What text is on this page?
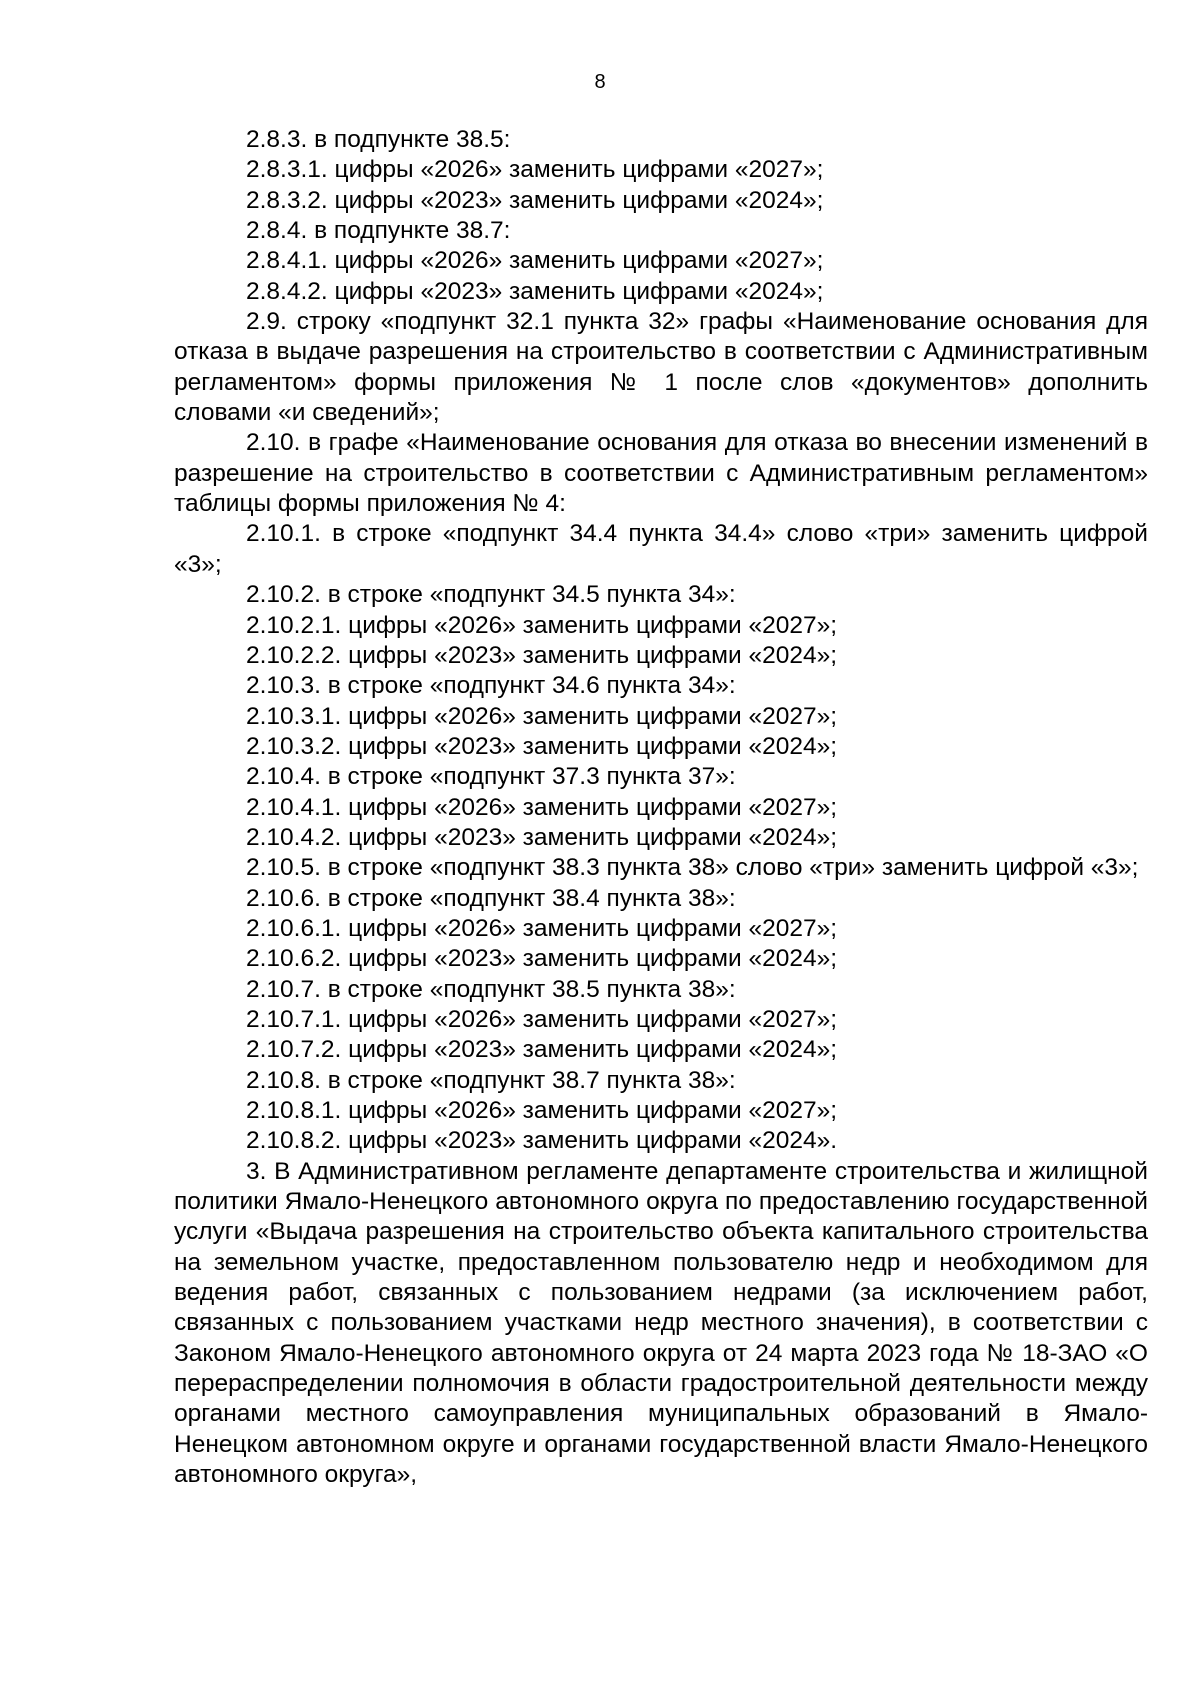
8

2.8.3. в подпункте 38.5:

2.8.3.1. цифры «2026» заменить цифрами «2027»;

2.8.3.2. цифры «2023» заменить цифрами «2024»;

2.8.4. в подпункте 38.7:

2.8.4.1. цифры «2026» заменить цифрами «2027»;

2.8.4.2. цифры «2023» заменить цифрами «2024»;

2.9. строку «подпункт 32.1 пункта 32» графы «Наименование основания для отказа в выдаче разрешения на строительство в соответствии с Административным регламентом» формы приложения № 1 после слов «документов» дополнить словами «и сведений»;

2.10. в графе «Наименование основания для отказа во внесении изменений в разрешение на строительство в соответствии с Административным регламентом» таблицы формы приложения № 4:

2.10.1. в строке «подпункт 34.4 пункта 34.4» слово «три» заменить цифрой «3»;

2.10.2. в строке «подпункт 34.5 пункта 34»:

2.10.2.1. цифры «2026» заменить цифрами «2027»;

2.10.2.2. цифры «2023» заменить цифрами «2024»;

2.10.3. в строке «подпункт 34.6 пункта 34»:

2.10.3.1. цифры «2026» заменить цифрами «2027»;

2.10.3.2. цифры «2023» заменить цифрами «2024»;

2.10.4. в строке «подпункт 37.3 пункта 37»:

2.10.4.1. цифры «2026» заменить цифрами «2027»;

2.10.4.2. цифры «2023» заменить цифрами «2024»;

2.10.5. в строке «подпункт 38.3 пункта 38» слово «три» заменить цифрой «3»;

2.10.6. в строке «подпункт 38.4 пункта 38»:

2.10.6.1. цифры «2026» заменить цифрами «2027»;

2.10.6.2. цифры «2023» заменить цифрами «2024»;

2.10.7. в строке «подпункт 38.5 пункта 38»:

2.10.7.1. цифры «2026» заменить цифрами «2027»;

2.10.7.2. цифры «2023» заменить цифрами «2024»;

2.10.8. в строке «подпункт 38.7 пункта 38»:

2.10.8.1. цифры «2026» заменить цифрами «2027»;

2.10.8.2. цифры «2023» заменить цифрами «2024».

3. В Административном регламенте департаменте строительства и жилищной политики Ямало-Ненецкого автономного округа по предоставлению государственной услуги «Выдача разрешения на строительство объекта капитального строительства на земельном участке, предоставленном пользователю недр и необходимом для ведения работ, связанных с пользованием недрами (за исключением работ, связанных с пользованием участками недр местного значения), в соответствии с Законом Ямало-Ненецкого автономного округа от 24 марта 2023 года № 18-ЗАО «О перераспределении полномочия в области градостроительной деятельности между органами местного самоуправления муниципальных образований в Ямало-Ненецком автономном округе и органами государственной власти Ямало-Ненецкого автономного округа»,
